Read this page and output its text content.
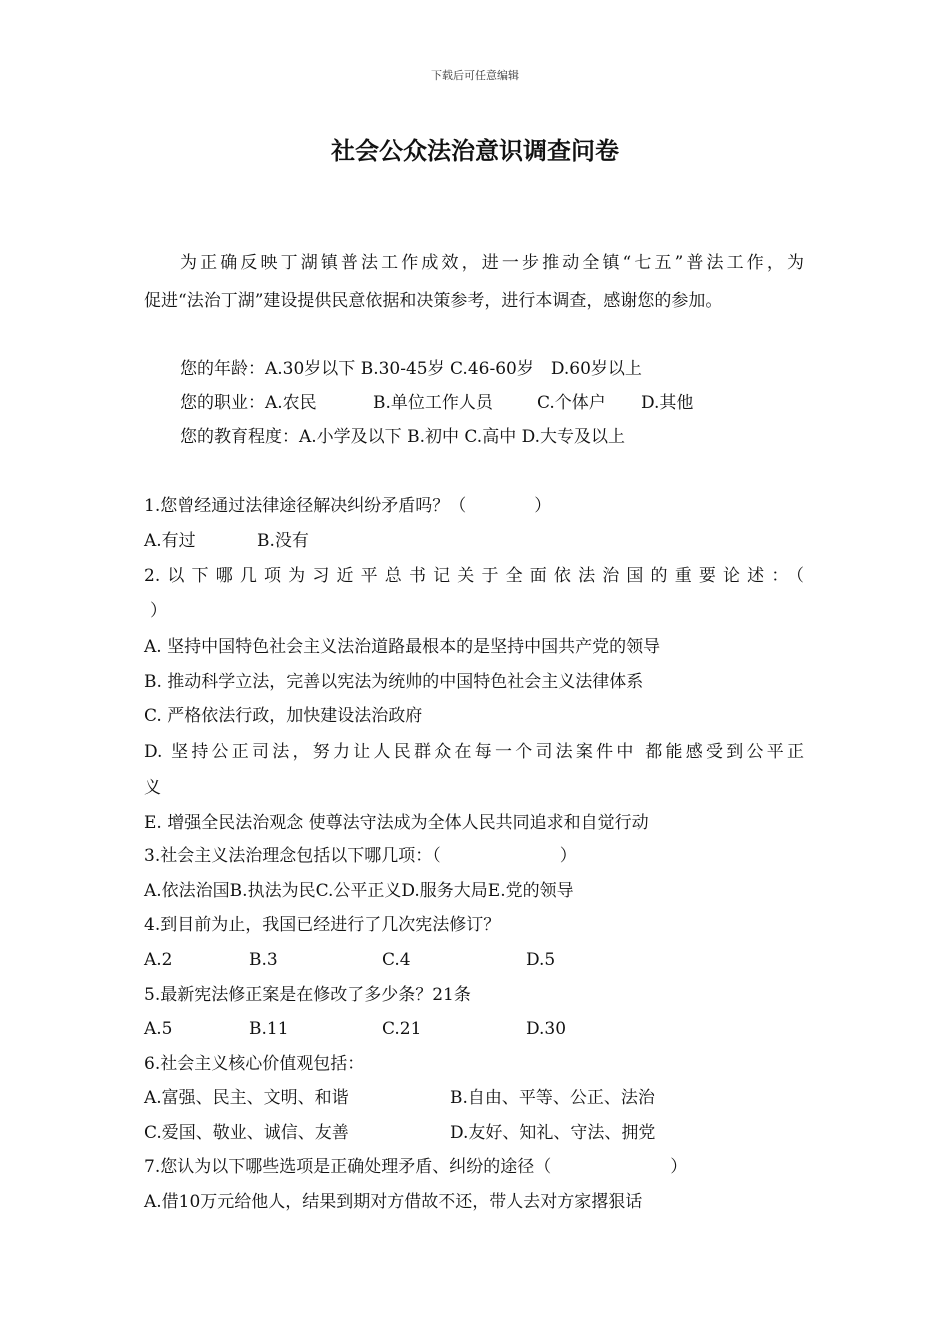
下载后可任意编辑
社会公众法治意识调查问卷
为正确反映丁湖镇普法工作成效，进一步推动全镇“七五”普法工作，为
促进“法治丁湖”建设提供民意依据和决策参考，进行本调查，感谢您的参加。
您的年龄：A.30岁以下 B.30-45岁 C.46-60岁　D.60岁以上
您的职业：A.农民	B.单位工作人员	C.个体户 D.其他
您的教育程度：A.小学及以下 B.初中 C.高中 D.大专及以上
1.您曾经通过法律途径解决纠纷矛盾吗？（　　　　）
A.有过	B.没有
2.以下哪几项为习近平总书记关于全面依法治国的重要论述：（
）
A. 坚持中国特色社会主义法治道路最根本的是坚持中国共产党的领导
B. 推动科学立法，完善以宪法为统帅的中国特色社会主义法律体系
C. 严格依法行政，加快建设法治政府
D. 坚持公正司法，努力让人民群众在每一个司法案件中 都能感受到公平正
义
E. 增强全民法治观念 使尊法守法成为全体人民共同追求和自觉行动
3.社会主义法治理念包括以下哪几项：（　　　　　　　）
A.依法治国B.执法为民C.公平正义D.服务大局E.党的领导
4.到目前为止，我国已经进行了几次宪法修订？
A.2	B.3	C.4	D.5
5.最新宪法修正案是在修改了多少条？21条
A.5	B.11	C.21	D.30
6.社会主义核心价值观包括：
A.富强、民主、文明、和谐	B.自由、平等、公正、法治
C.爱国、敬业、诚信、友善	D.友好、知礼、守法、拥党
7.您认为以下哪些选项是正确处理矛盾、纠纷的途径（　　　　　　　）
A.借10万元给他人，结果到期对方借故不还，带人去对方家撂狠话
